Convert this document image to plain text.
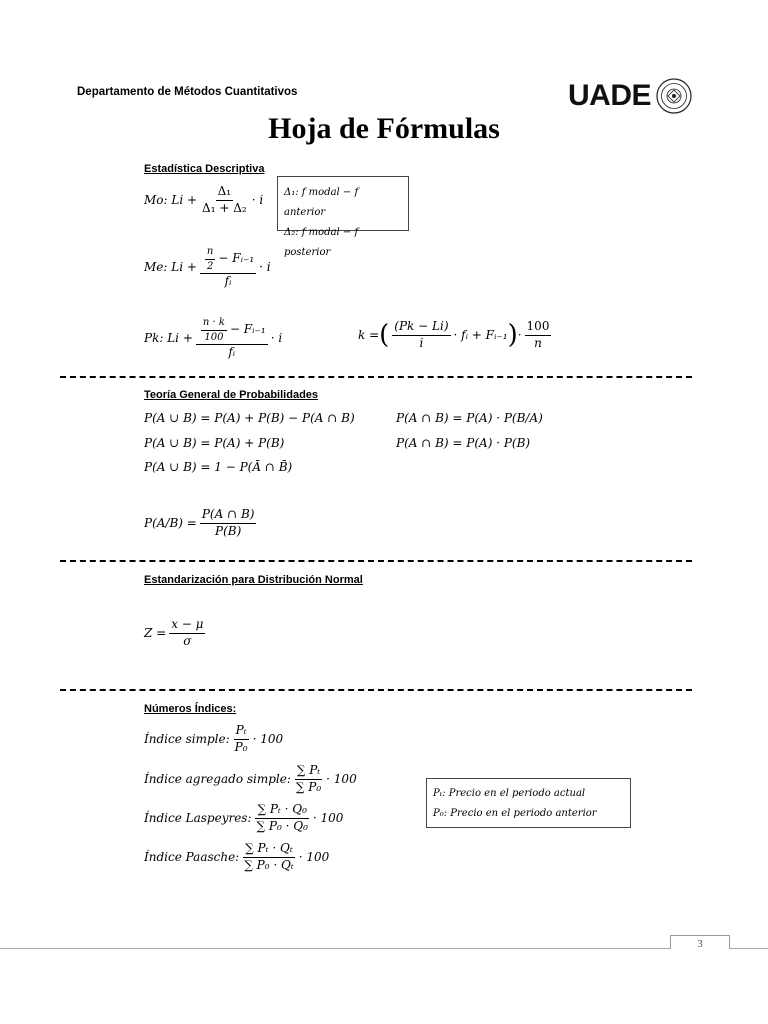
Departamento de Métodos Cuantitativos	UADE
Hoja de Fórmulas
Estadística Descriptiva
Mo: $Li + \frac{\text{Δ₁}}{\text{Δ₁ + Δ₂}} \cdot i$
Δ₁: f modal − f anterior
Δ₂: f modal − f posterior
Me: $Li + \frac{\frac{n}{2} - Fᵢ_{-1}}{\text{fᵢ}} \cdot i$
Pk: $Li + \frac{\frac{n \cdot k}{100} - Fᵢ_{-1}}{\text{fᵢ}} \cdot i$	k = ( $\frac{(Pk - Li)}{i}$ · fᵢ + Fᵢ₋₁ ) · $\frac{100}{n}$
Teoría General de Probabilidades
P(A ∪ B) = P(A) + P(B) − P(A ∩ B)
P(A ∪ B) = P(A) + P(B)
P(A ∪ B) = 1 − P(Ā ∩ B̄)
P(A ∩ B) = P(A) · P(B/A)
P(A ∩ B) = P(A) · P(B)
$P(A/B) = \frac{P(A \cap B)}{P(B)}$
Estandarización para Distribución Normal
$Z = \frac{x - \mu}{\sigma}$
Números Índices:
Índice simple: $\frac{\text{Pₜ}}{\text{P₀}} \cdot 100$
Índice agregado simple: $\frac{\text{∑ Pₜ}}{\text{∑ P₀}} \cdot 100$
Índice Laspeyres: $\frac{\text{∑ Pₜ · Q₀}}{\text{∑ P₀ · Q₀}} \cdot 100$
Índice Paasche: $\frac{\text{∑ Pₜ · Qₜ}}{\text{∑ P₀ · Qₜ}} \cdot 100$
Pₜ: Precio en el periodo actual
P₀: Precio en el periodo anterior
3
